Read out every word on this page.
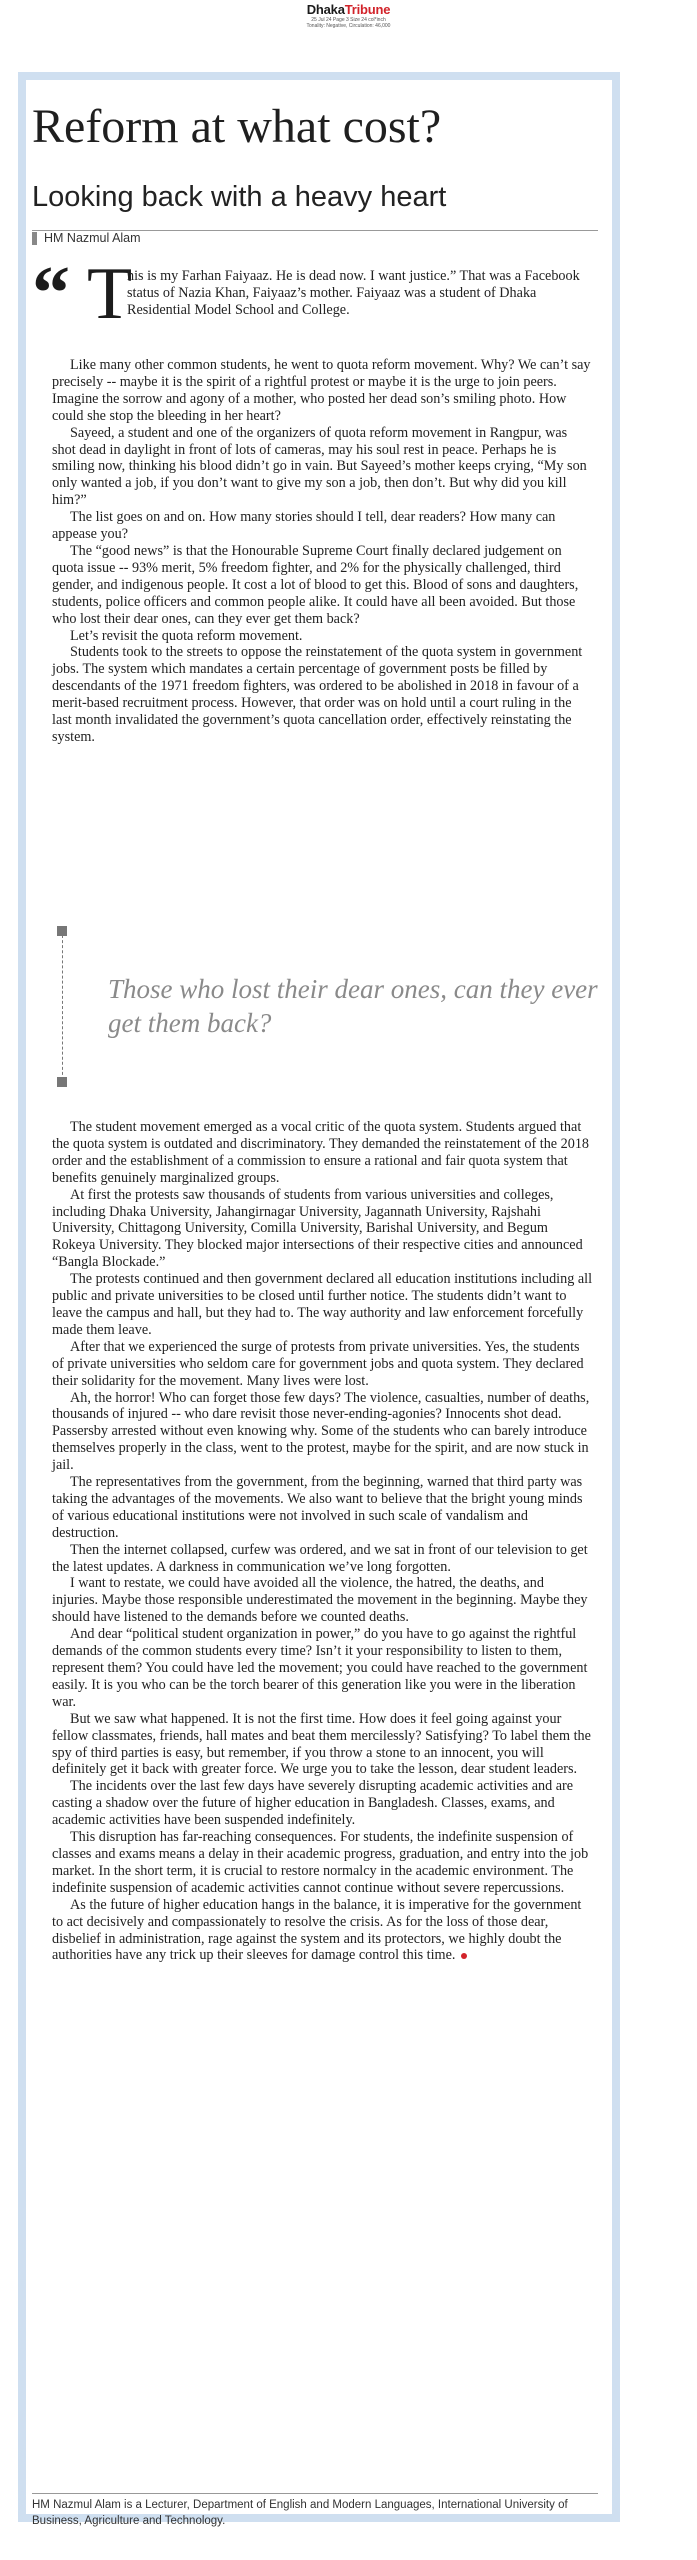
DhakaTribune
25 Jul 24 Page 3 Size 24 col*inch
Tonality: Negative, Circulation: 46,000
Reform at what cost?
Looking back with a heavy heart
HM Nazmul Alam
“ T

his is my Farhan Faiyaaz. He is dead now. I want justice.” That was a Facebook status of Nazia Khan, Faiyaaz’s mother. Faiyaaz was a student of Dhaka Residential Model School and College.

Like many other common students, he went to quota reform movement. Why? We can’t say precisely -- maybe it is the spirit of a rightful protest or maybe it is the urge to join peers. Imagine the sorrow and agony of a mother, who posted her dead son’s smiling photo. How could she stop the bleeding in her heart?

Sayeed, a student and one of the organizers of quota reform movement in Rangpur, was shot dead in daylight in front of lots of cameras, may his soul rest in peace. Perhaps he is smiling now, thinking his blood didn’t go in vain. But Sayeed’s mother keeps crying, “My son only wanted a job, if you don’t want to give my son a job, then don’t. But why did you kill him?”

The list goes on and on. How many stories should I tell, dear readers? How many can appease you?

The “good news” is that the Honourable Supreme Court finally declared judgement on quota issue -- 93% merit, 5% freedom fighter, and 2% for the physically challenged, third gender, and indigenous people. It cost a lot of blood to get this. Blood of sons and daughters, students, police officers and common people alike. It could have all been avoided. But those who lost their dear ones, can they ever get them back?

Let’s revisit the quota reform movement.

Students took to the streets to oppose the reinstatement of the quota system in government jobs. The system which mandates a certain percentage of government posts be filled by descendants of the 1971 freedom fighters, was ordered to be abolished in 2018 in favour of a merit-based recruitment process. However, that order was on hold until a court ruling in the last month invalidated the government’s quota cancellation order, effectively reinstating the system.

Those who lost their dear ones, can they ever get them back?

The student movement emerged as a vocal critic of the quota system. Students argued that the quota system is outdated and discriminatory. They demanded the reinstatement of the 2018 order and the establishment of a commission to ensure a rational and fair quota system that benefits genuinely marginalized groups.

At first the protests saw thousands of students from various universities and colleges, including Dhaka University, Jahangirnagar University, Jagannath University, Rajshahi University, Chittagong University, Comilla University, Barishal University, and Begum Rokeya University. They blocked major intersections of their respective cities and announced “Bangla Blockade.”

The protests continued and then government declared all education institutions including all public and private universities to be closed until further notice. The students didn’t want to leave the campus and hall, but they had to. The way authority and law enforcement forcefully made them leave.

After that we experienced the surge of protests from private universities. Yes, the students of private universities who seldom care for government jobs and quota system. They declared their solidarity for the movement. Many lives were lost.

Ah, the horror! Who can forget those few days? The violence, casualties, number of deaths, thousands of injured -- who dare revisit those never-ending-agonies? Innocents shot dead. Passersby arrested without even knowing why. Some of the students who can barely introduce themselves properly in the class, went to the protest, maybe for the spirit, and are now stuck in jail.

The representatives from the government, from the beginning, warned that third party was taking the advantages of the movements. We also want to believe that the bright young minds of various educational institutions were not involved in such scale of vandalism and destruction.

Then the internet collapsed, curfew was ordered, and we sat in front of our television to get the latest updates. A darkness in communication we’ve long forgotten.

I want to restate, we could have avoided all the violence, the hatred, the deaths, and injuries. Maybe those responsible underestimated the movement in the beginning. Maybe they should have listened to the demands before we counted deaths.

And dear “political student organization in power,” do you have to go against the rightful demands of the common students every time? Isn’t it your responsibility to listen to them, represent them? You could have led the movement; you could have reached to the government easily. It is you who can be the torch bearer of this generation like you were in the liberation war.

But we saw what happened. It is not the first time. How does it feel going against your fellow classmates, friends, hall mates and beat them mercilessly? Satisfying? To label them the spy of third parties is easy, but remember, if you throw a stone to an innocent, you will definitely get it back with greater force. We urge you to take the lesson, dear student leaders.

The incidents over the last few days have severely disrupting academic activities and are casting a shadow over the future of higher education in Bangladesh. Classes, exams, and academic activities have been suspended indefinitely.

This disruption has far-reaching consequences. For students, the indefinite suspension of classes and exams means a delay in their academic progress, graduation, and entry into the job market. In the short term, it is crucial to restore normalcy in the academic environment. The indefinite suspension of academic activities cannot continue without severe repercussions.

As the future of higher education hangs in the balance, it is imperative for the government to act decisively and compassionately to resolve the crisis. As for the loss of those dear, disbelief in administration, rage against the system and its protectors, we highly doubt the authorities have any trick up their sleeves for damage control this time.

HM Nazmul Alam is a Lecturer, Department of English and Modern Languages, International University of Business, Agriculture and Technology.
